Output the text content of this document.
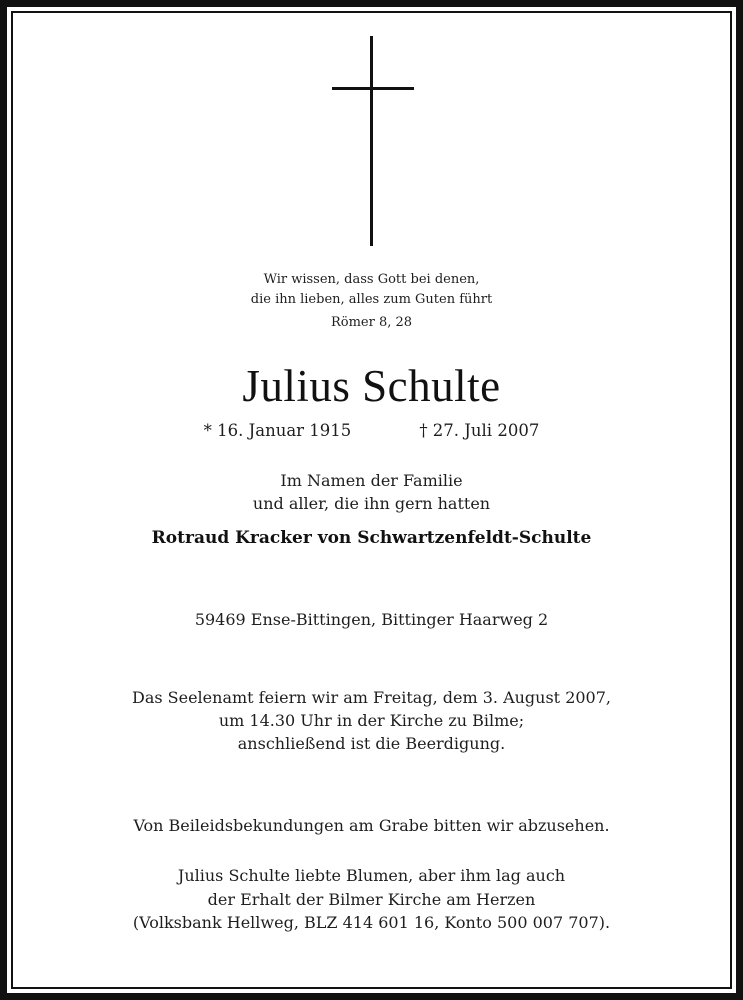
Wir wissen, dass Gott bei denen,
die ihn lieben, alles zum Guten führt
Römer 8, 28
Julius Schulte
* 16. Januar 1915	† 27. Juli 2007
Im Namen der Familie
und aller, die ihn gern hatten
Rotraud Kracker von Schwartzenfeldt-Schulte
59469 Ense-Bittingen, Bittinger Haarweg 2
Das Seelenamt feiern wir am Freitag, dem 3. August 2007,
um 14.30 Uhr in der Kirche zu Bilme;
anschließend ist die Beerdigung.
Von Beileidsbekundungen am Grabe bitten wir abzusehen.
Julius Schulte liebte Blumen, aber ihm lag auch
der Erhalt der Bilmer Kirche am Herzen
(Volksbank Hellweg, BLZ 414 601 16, Konto 500 007 707).
